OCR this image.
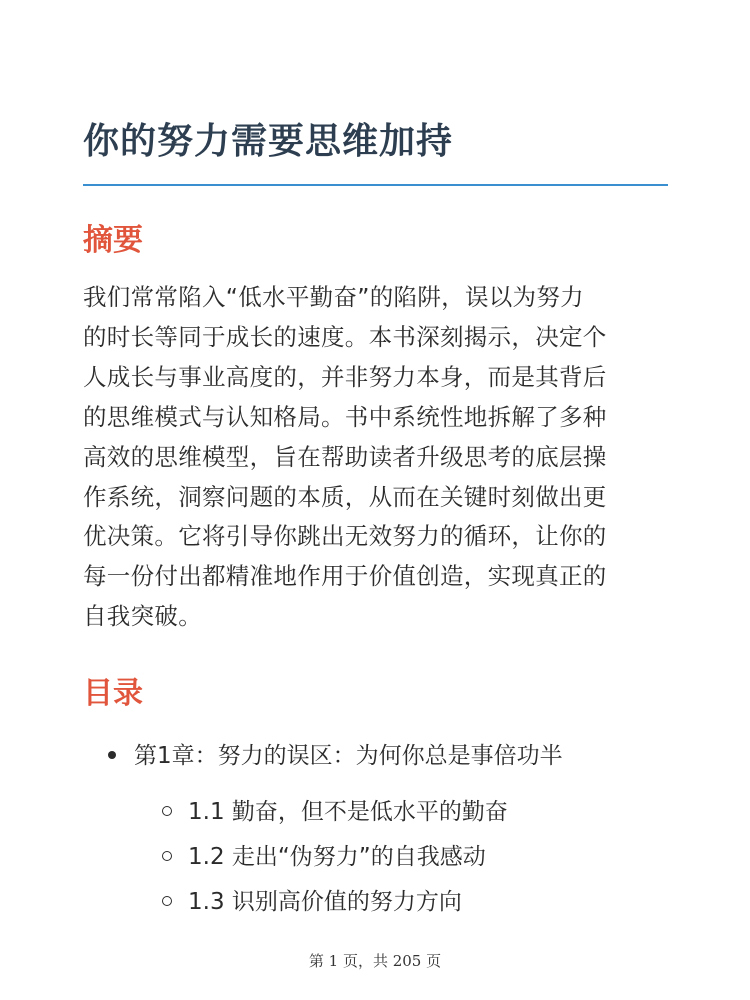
你的努力需要思维加持
摘要

我们常常陷入“低水平勤奋”的陷阱，误以为努力
的时长等同于成长的速度。本书深刻揭示，决定个
人成长与事业高度的，并非努力本身，而是其背后
的思维模式与认知格局。书中系统性地拆解了多种
高效的思维模型，旨在帮助读者升级思考的底层操
作系统，洞察问题的本质，从而在关键时刻做出更
优决策。它将引导你跳出无效努力的循环，让你的
每一份付出都精准地作用于价值创造，实现真正的
自我突破。

目录
第1章：努力的误区：为何你总是事倍功半
1.1 勤奋，但不是低水平的勤奋
1.2 走出“伪努力”的自我感动
1.3 识别高价值的努力方向
第 1 页，共 205 页
